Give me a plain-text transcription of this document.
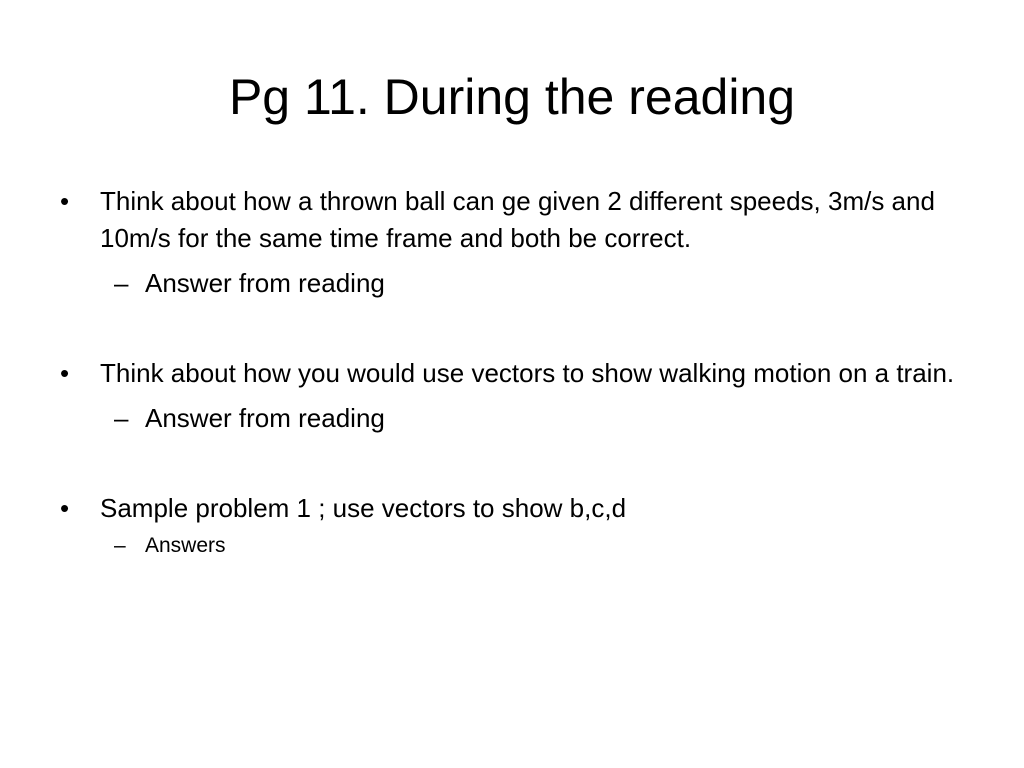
Pg 11. During the reading
•	Think about how a thrown ball can ge given 2 different speeds, 3m/s and 10m/s for the same time frame and both be correct.
– Answer from reading
•	Think about how you would use vectors to show walking motion on a train.
– Answer from reading
•	Sample problem 1 ; use vectors to show b,c,d
– Answers
